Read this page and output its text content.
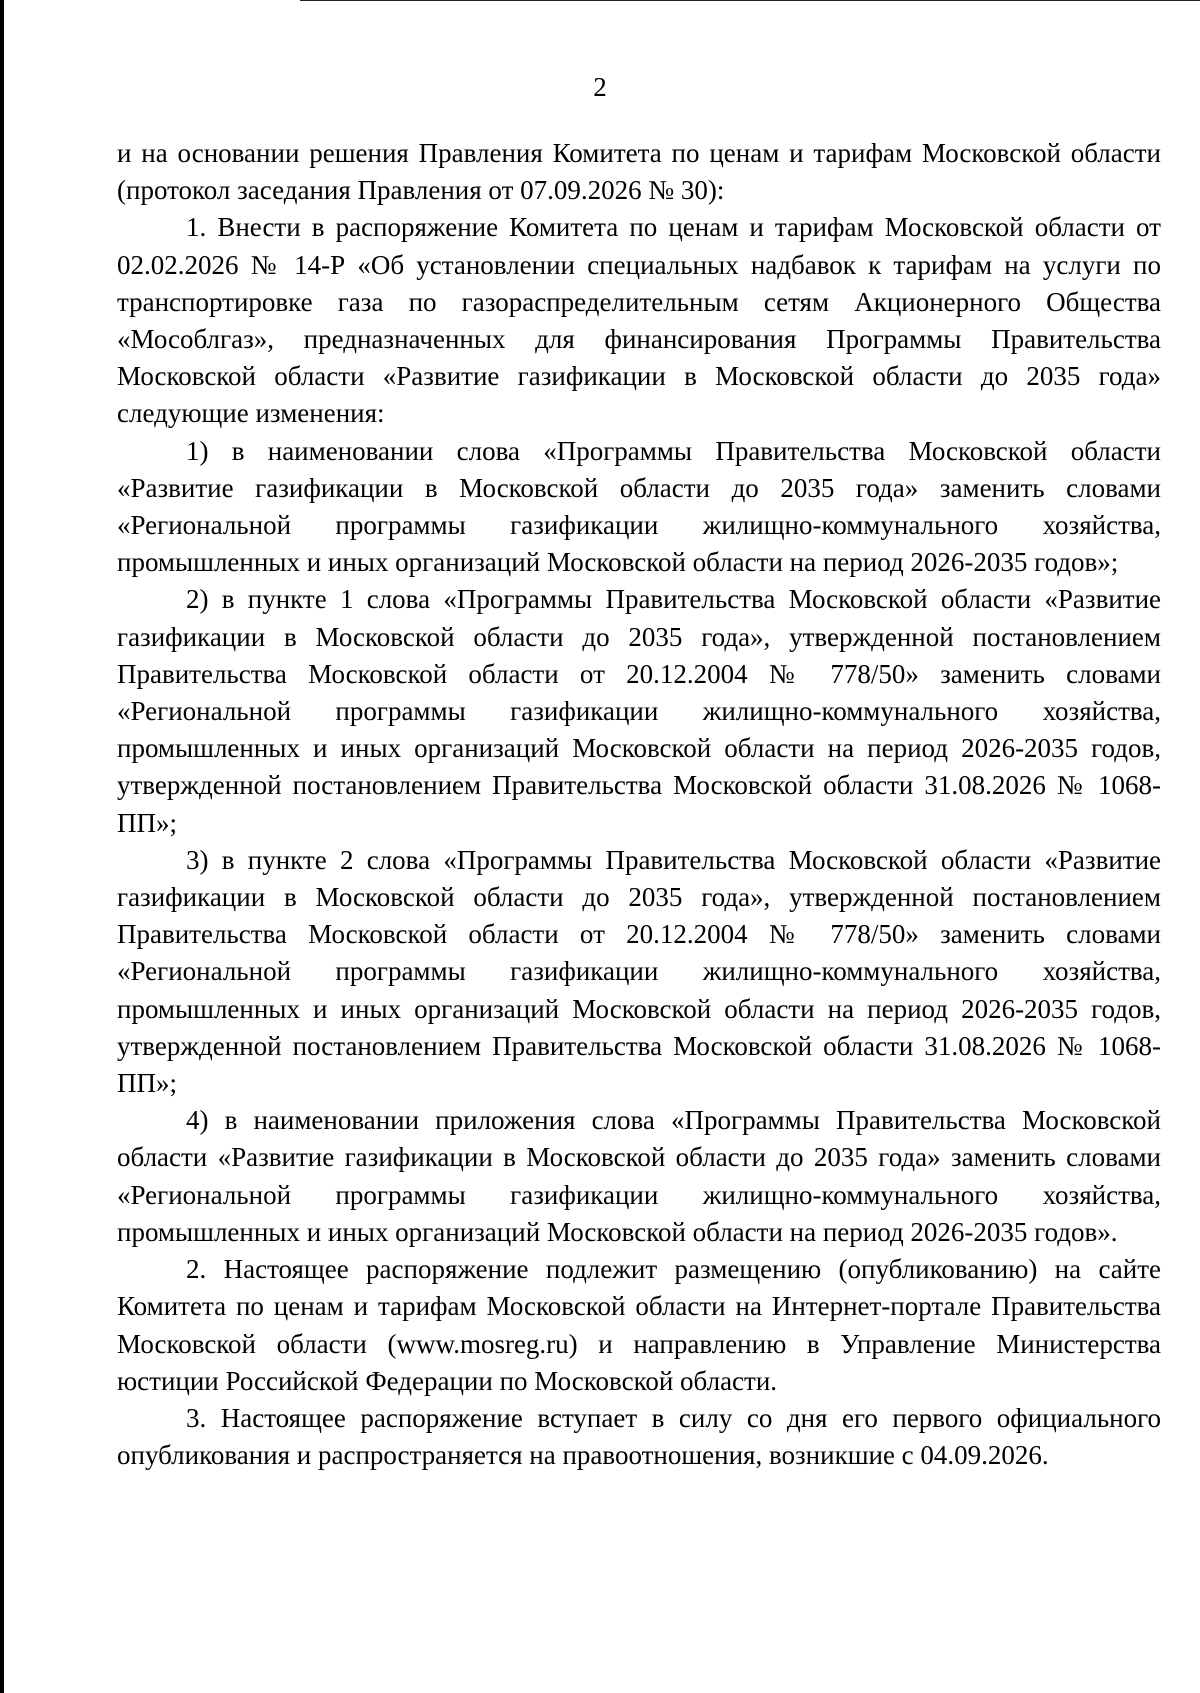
2

и на основании решения Правления Комитета по ценам и тарифам Московской области (протокол заседания Правления от 07.09.2026 № 30):

1. Внести в распоряжение Комитета по ценам и тарифам Московской области от 02.02.2026 № 14-Р «Об установлении специальных надбавок к тарифам на услуги по транспортировке газа по газораспределительным сетям Акционерного Общества «Мособлгаз», предназначенных для финансирования Программы Правительства Московской области «Развитие газификации в Московской области до 2035 года» следующие изменения:

1) в наименовании слова «Программы Правительства Московской области «Развитие газификации в Московской области до 2035 года» заменить словами «Региональной программы газификации жилищно-коммунального хозяйства, промышленных и иных организаций Московской области на период 2026-2035 годов»;

2) в пункте 1 слова «Программы Правительства Московской области «Развитие газификации в Московской области до 2035 года», утвержденной постановлением Правительства Московской области от 20.12.2004 № 778/50» заменить словами «Региональной программы газификации жилищно-коммунального хозяйства, промышленных и иных организаций Московской области на период 2026-2035 годов, утвержденной постановлением Правительства Московской области 31.08.2026 № 1068-ПП»;

3) в пункте 2 слова «Программы Правительства Московской области «Развитие газификации в Московской области до 2035 года», утвержденной постановлением Правительства Московской области от 20.12.2004 № 778/50» заменить словами «Региональной программы газификации жилищно-коммунального хозяйства, промышленных и иных организаций Московской области на период 2026-2035 годов, утвержденной постановлением Правительства Московской области 31.08.2026 № 1068-ПП»;

4) в наименовании приложения слова «Программы Правительства Московской области «Развитие газификации в Московской области до 2035 года» заменить словами «Региональной программы газификации жилищно-коммунального хозяйства, промышленных и иных организаций Московской области на период 2026-2035 годов».

2. Настоящее распоряжение подлежит размещению (опубликованию) на сайте Комитета по ценам и тарифам Московской области на Интернет-портале Правительства Московской области (www.mosreg.ru) и направлению в Управление Министерства юстиции Российской Федерации по Московской области.

3. Настоящее распоряжение вступает в силу со дня его первого официального опубликования и распространяется на правоотношения, возникшие с 04.09.2026.
